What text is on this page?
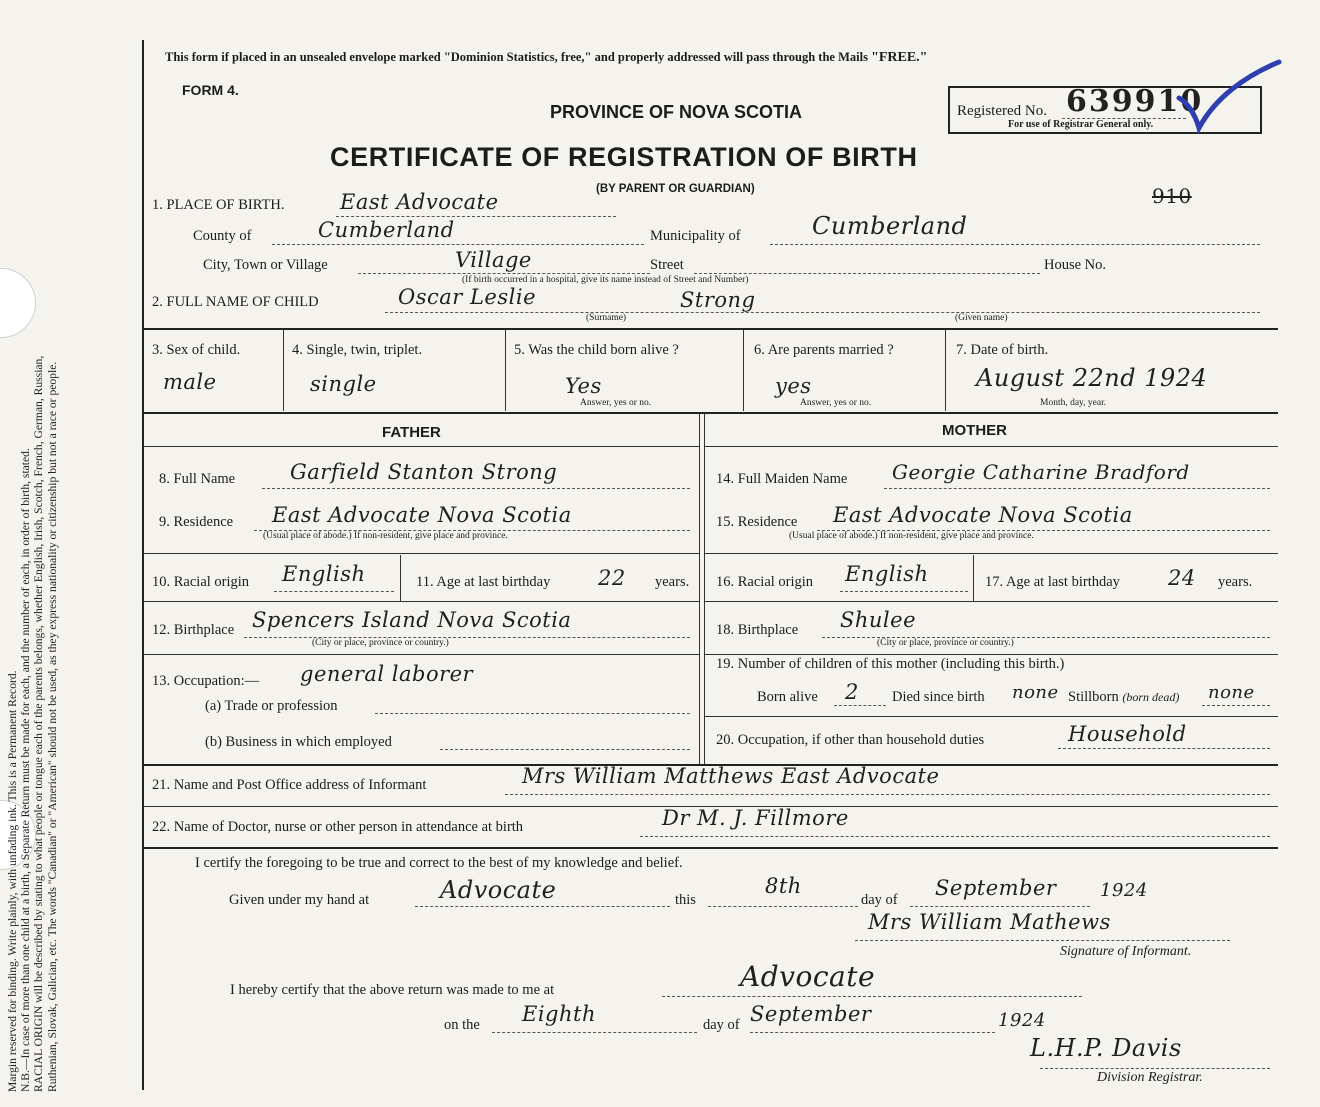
Margin reserved for binding. Write plainly, with unfading ink. This is a Permanent Record. N.B.—In case of more than one child at a birth, a Separate Return must be made for each, and the number of each, in order of birth, stated. RACIAL ORIGIN will be described by stating to what people or tongue each of the parents belongs, whether English, Irish, Scotch, French, German, Russian, Ruthenian, Slovak, Galician, etc. The words "Canadian" or "American" should not be used, as they express nationality or citizenship but not a race or people.
This form if placed in an unsealed envelope marked "Dominion Statistics, free," and properly addressed will pass through the Mails "FREE."
FORM 4.
PROVINCE OF NOVA SCOTIA
CERTIFICATE OF REGISTRATION OF BIRTH
(BY PARENT OR GUARDIAN)
Registered No. 639910
For use of Registrar General only.
910
1. PLACE OF BIRTH.	East Advocate
County of	Cumberland	Municipality of	Cumberland
City, Town or Village	Village	Street	House No.
(If birth occurred in a hospital, give its name instead of Street and Number)
2. FULL NAME OF CHILD	Oscar Leslie	Strong
(Surname)	(Given name)
3. Sex of child.
male
4. Single, twin, triplet.
single
5. Was the child born alive ?
Yes
Answer, yes or no.
6. Are parents married ?
yes
Answer, yes or no.
7. Date of birth.
August 22nd 1924
Month, day, year.
FATHER	MOTHER
8. Full Name	Garfield Stanton Strong
9. Residence East Advocate Nova Scotia
(Usual place of abode.) If non-resident, give place and province.
10. Racial origin English	11. Age at last birthday 22 years.
12. Birthplace Spencers Island Nova Scotia
(City or place, province or country.)
13. Occupation:— general laborer
(a) Trade or profession
(b) Business in which employed
14. Full Maiden Name Georgie Catharine Bradford
15. Residence East Advocate Nova Scotia
(Usual place of abode.) If non-resident, give place and province.
16. Racial origin English	17. Age at last birthday 24 years.
18. Birthplace Shulee
(City or place, province or country.)
19. Number of children of this mother (including this birth.)
Born alive 2 Died since birth none Stillborn (born dead) none
20. Occupation, if other than household duties	Household
21. Name and Post Office address of Informant	Mrs William Matthews East Advocate
22. Name of Doctor, nurse or other person in attendance at birth	Dr M. J. Fillmore
I certify the foregoing to be true and correct to the best of my knowledge and belief.
Given under my hand at	Advocate	this
8th
day of September 1924
Mrs William Mathews
Signature of Informant.
I hereby certify that the above return was made to me at	Advocate
on the Eighth	day of September	1924
L.H.P. Davis
Division Registrar.
